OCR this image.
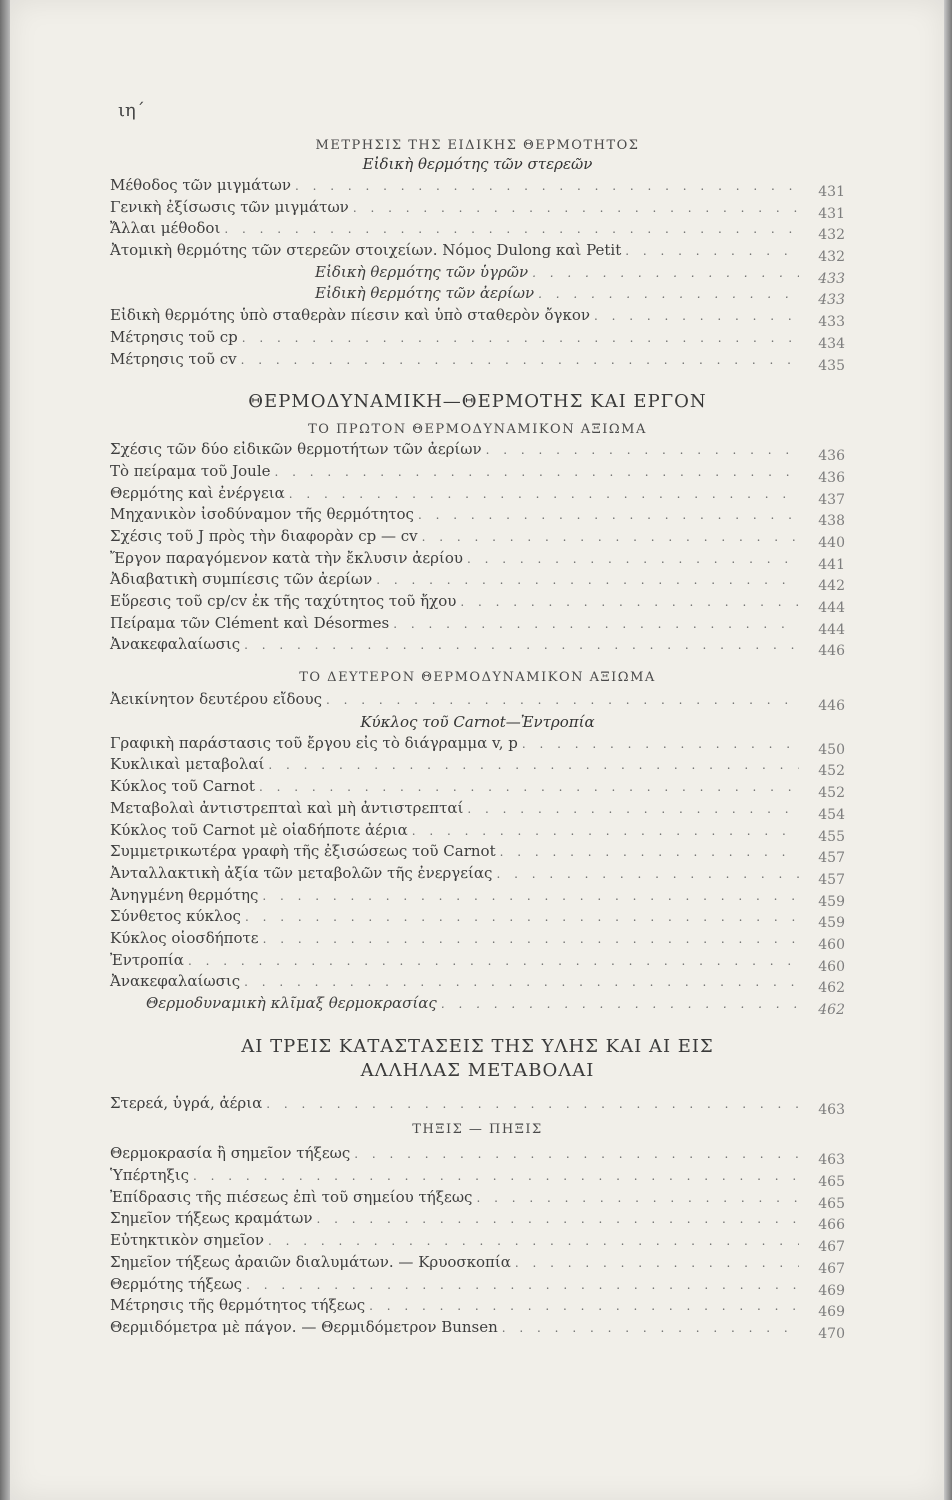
ιη΄

ΜΕΤΡΗΣΙΣ ΤΗΣ ΕΙΔΙΚΗΣ ΘΕΡΜΟΤΗΤΟΣ

Εἰδικὴ θερμότης τῶν στερεῶν

Μέθοδος τῶν μιγμάτων . . .	431
Γενικὴ ἐξίσωσις τῶν μιγμάτων . . .	431
Ἄλλαι μέθοδοι . . .	432
Ἀτομικὴ θερμότης τῶν στερεῶν στοιχείων. Νόμος Dulong καὶ Petit . . .	432
Εἰδικὴ θερμότης τῶν ὑγρῶν . . .	433
Εἰδικὴ θερμότης τῶν ἀερίων . . .	433
Εἰδικὴ θερμότης ὑπὸ σταθερὰν πίεσιν καὶ ὑπὸ σταθερὸν ὄγκον . . .	433
Μέτρησις τοῦ cp . . .	434
Μέτρησις τοῦ cv . . .	435

ΘΕΡΜΟΔΥΝΑΜΙΚΗ—ΘΕΡΜΟΤΗΣ ΚΑΙ ΕΡΓΟΝ

ΤΟ ΠΡΩΤΟΝ ΘΕΡΜΟΔΥΝΑΜΙΚΟΝ ΑΞΙΩΜΑ

Σχέσις τῶν δύο εἰδικῶν θερμοτήτων τῶν ἀερίων . . .	436
Τὸ πείραμα τοῦ Joule . . .	436
Θερμότης καὶ ἐνέργεια . . .	437
Μηχανικὸν ἰσοδύναμον τῆς θερμότητος . . .	438
Σχέσις τοῦ J πρὸς τὴν διαφορὰν cp — cv . . .	440
Ἔργον παραγόμενον κατὰ τὴν ἔκλυσιν ἀερίου . . .	441
Ἀδιαβατικὴ συμπίεσις τῶν ἀερίων . . .	442
Εὕρεσις τοῦ cp/cv ἐκ τῆς ταχύτητος τοῦ ἤχου . . .	444
Πείραμα τῶν Clément καὶ Désormes . . .	444
Ἀνακεφαλαίωσις . . .	446

ΤΟ ΔΕΥΤΕΡΟΝ ΘΕΡΜΟΔΥΝΑΜΙΚΟΝ ΑΞΙΩΜΑ

Ἀεικίνητον δευτέρου εἴδους . . .	446

Κύκλος τοῦ Carnot—Ἐντροπία

Γραφικὴ παράστασις τοῦ ἔργου εἰς τὸ διάγραμμα v, p . . .	450
Κυκλικαὶ μεταβολαί . . .	452
Κύκλος τοῦ Carnot . . .	452
Μεταβολαὶ ἀντιστρεπταὶ καὶ μὴ ἀντιστρεπταί . . .	454
Κύκλος τοῦ Carnot μὲ οἱαδήποτε ἀέρια . . .	455
Συμμετρικωτέρα γραφὴ τῆς ἐξισώσεως τοῦ Carnot . . .	457
Ἀνταλλακτικὴ ἀξία τῶν μεταβολῶν τῆς ἐνεργείας . . .	457
Ἀνηγμένη θερμότης . . .	459
Σύνθετος κύκλος . . .	459
Κύκλος οἱοσδήποτε . . .	460
Ἐντροπία . . .	460
Ἀνακεφαλαίωσις . . .	462
Θερμοδυναμικὴ κλῖμαξ θερμοκρασίας . . .	462

ΑΙ ΤΡΕΙΣ ΚΑΤΑΣΤΑΣΕΙΣ ΤΗΣ ΥΛΗΣ ΚΑΙ ΑΙ ΕΙΣ

ΑΛΛΗΛΑΣ ΜΕΤΑΒΟΛΑΙ

Στερεά, ὑγρά, ἀέρια . . .	463

ΤΗΞΙΣ — ΠΗΞΙΣ

Θερμοκρασία ἢ σημεῖον τήξεως . . .	463
Ὑπέρτηξις . . .	465
Ἐπίδρασις τῆς πιέσεως ἐπὶ τοῦ σημείου τήξεως . . .	465
Σημεῖον τήξεως κραμάτων . . .	466
Εὐτηκτικὸν σημεῖον . . .	467
Σημεῖον τήξεως ἀραιῶν διαλυμάτων. — Κρυοσκοπία . . .	467
Θερμότης τήξεως . . .	469
Μέτρησις τῆς θερμότητος τήξεως . . .	469
Θερμιδόμετρα μὲ πάγον. — Θερμιδόμετρον Bunsen . . .	470
